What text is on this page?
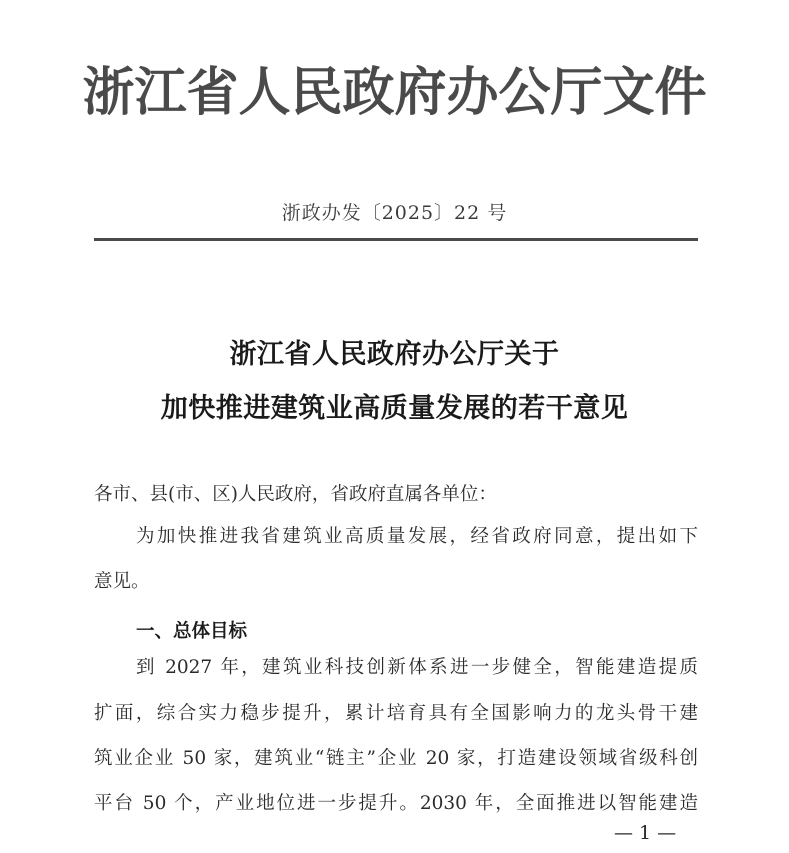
浙江省人民政府办公厅文件
浙政办发〔2025〕22 号
浙江省人民政府办公厅关于
加快推进建筑业高质量发展的若干意见
各市、县(市、区)人民政府，省政府直属各单位：
为加快推进我省建筑业高质量发展，经省政府同意，提出如下
意见。
一、总体目标
到 2027 年，建筑业科技创新体系进一步健全，智能建造提质
扩面，综合实力稳步提升，累计培育具有全国影响力的龙头骨干建
筑业企业 50 家，建筑业“链主”企业 20 家，打造建设领域省级科创
平台 50 个，产业地位进一步提升。2030 年，全面推进以智能建造
— 1 —
